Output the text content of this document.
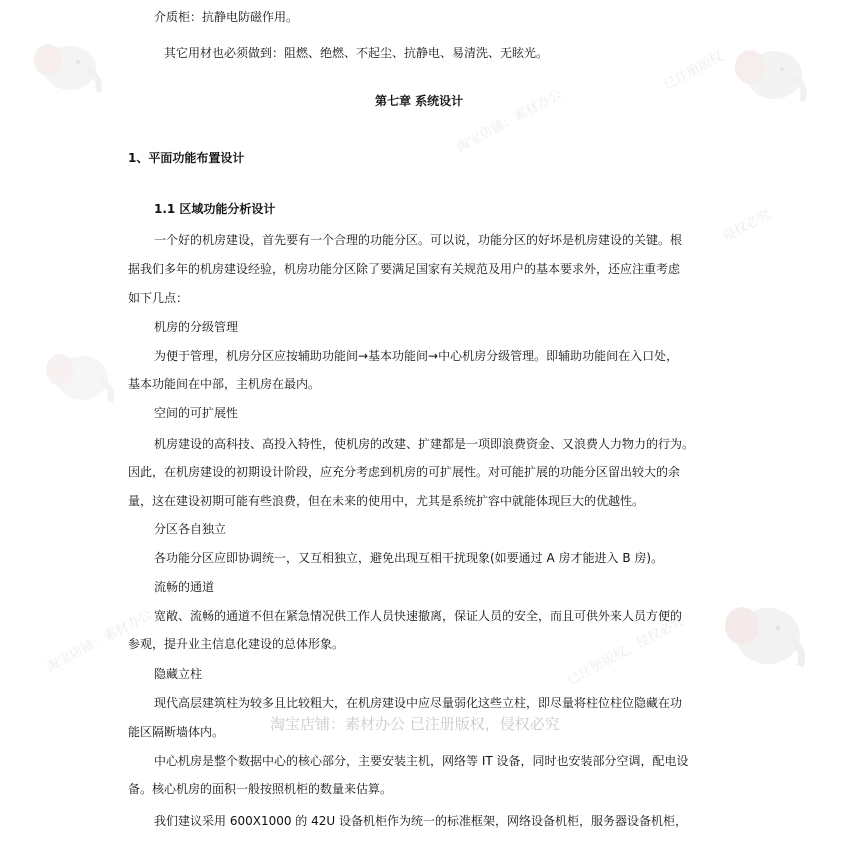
淘宝店铺：素材办公
已注册版权
侵权必究
已注册版权，侵权必究
淘宝店铺：素材办公

介质柜：抗静电防磁作用。

其它用材也必须做到：阻燃、绝燃、不起尘、抗静电、易清洗、无眩光。

第七章 系统设计

1、平面功能布置设计

1.1 区域功能分析设计

一个好的机房建设，首先要有一个合理的功能分区。可以说，功能分区的好坏是机房建设的关键。根

据我们多年的机房建设经验，机房功能分区除了要满足国家有关规范及用户的基本要求外，还应注重考虑

如下几点：

机房的分级管理

为便于管理，机房分区应按辅助功能间→基本功能间→中心机房分级管理。即辅助功能间在入口处，

基本功能间在中部，主机房在最内。

空间的可扩展性

机房建设的高科技、高投入特性，使机房的改建、扩建都是一项即浪费资金、又浪费人力物力的行为。

因此，在机房建设的初期设计阶段，应充分考虑到机房的可扩展性。对可能扩展的功能分区留出较大的余

量，这在建设初期可能有些浪费，但在未来的使用中，尤其是系统扩容中就能体现巨大的优越性。

分区各自独立

各功能分区应即协调统一，又互相独立，避免出现互相干扰现象(如要通过 A 房才能进入 B 房)。

流畅的通道

宽敞、流畅的通道不但在紧急情况供工作人员快速撤离，保证人员的安全，而且可供外来人员方便的

参观，提升业主信息化建设的总体形象。

隐藏立柱

现代高层建筑柱为较多且比较粗大，在机房建设中应尽量弱化这些立柱，即尽量将柱位柱位隐藏在功

能区隔断墙体内。

中心机房是整个数据中心的核心部分，主要安装主机，网络等 IT 设备，同时也安装部分空调，配电设

备。核心机房的面积一般按照机柜的数量来估算。

我们建议采用 600X1000 的 42U 设备机柜作为统一的标准框架，网络设备机柜，服务器设备机柜，

淘宝店铺：素材办公 已注册版权，侵权必究
